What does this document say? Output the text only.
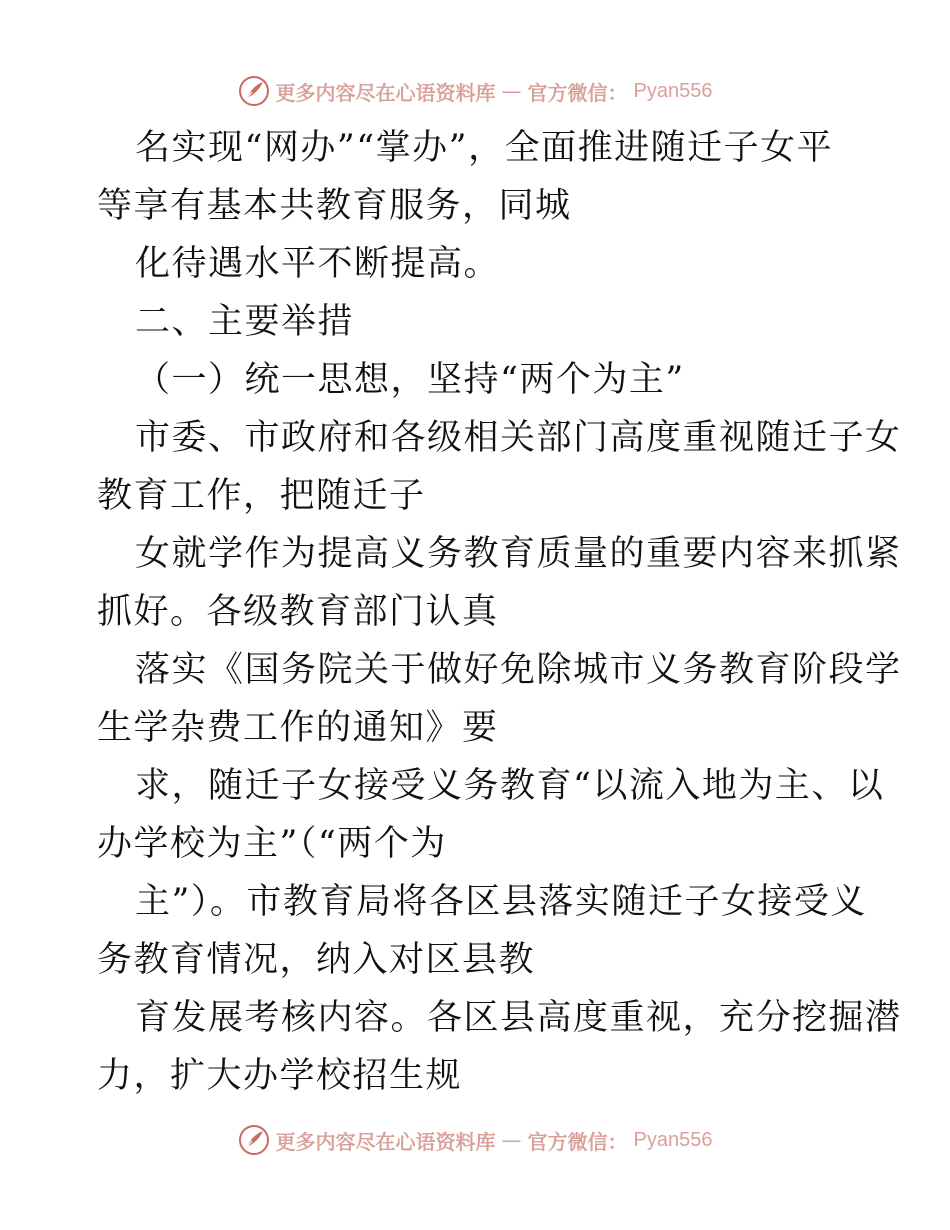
更多内容尽在心语资料库 — 官方微信： Pyan556
名实现“网办”“掌办”，全面推进随迁子女平
等享有基本共教育服务，同城
化待遇水平不断提高。
二、主要举措
（一）统一思想，坚持“两个为主”
市委、市政府和各级相关部门高度重视随迁子女
教育工作，把随迁子
女就学作为提高义务教育质量的重要内容来抓紧
抓好。各级教育部门认真
落实《国务院关于做好免除城市义务教育阶段学
生学杂费工作的通知》要
求，随迁子女接受义务教育“以流入地为主、以
办学校为主”（“两个为
主”）。市教育局将各区县落实随迁子女接受义
务教育情况，纳入对区县教
育发展考核内容。各区县高度重视，充分挖掘潜
力，扩大办学校招生规
更多内容尽在心语资料库 — 官方微信： Pyan556
